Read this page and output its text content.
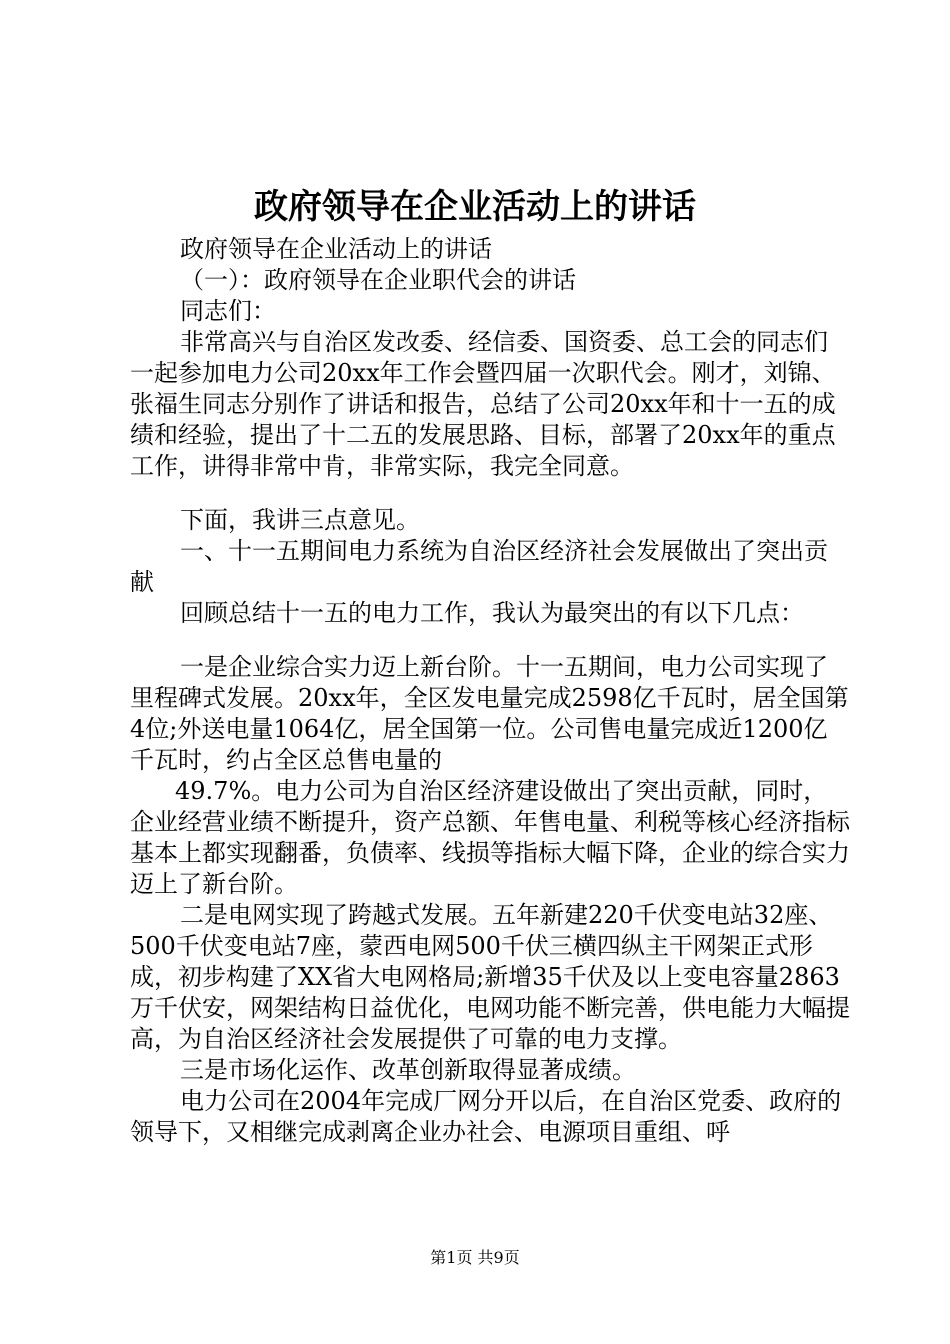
政府领导在企业活动上的讲话

政府领导在企业活动上的讲话

（一）：政府领导在企业职代会的讲话

同志们：

非常高兴与自治区发改委、经信委、国资委、总工会的同志们一起参加电力公司20xx年工作会暨四届一次职代会。刚才，刘锦、张福生同志分别作了讲话和报告，总结了公司20xx年和十一五的成绩和经验，提出了十二五的发展思路、目标，部署了20xx年的重点工作，讲得非常中肯，非常实际，我完全同意。

下面，我讲三点意见。

一、十一五期间电力系统为自治区经济社会发展做出了突出贡献

回顾总结十一五的电力工作，我认为最突出的有以下几点：

一是企业综合实力迈上新台阶。十一五期间，电力公司实现了里程碑式发展。20xx年，全区发电量完成2598亿千瓦时，居全国第4位;外送电量1064亿，居全国第一位。公司售电量完成近1200亿千瓦时，约占全区总售电量的

49.7%。电力公司为自治区经济建设做出了突出贡献，同时，企业经营业绩不断提升，资产总额、年售电量、利税等核心经济指标基本上都实现翻番，负债率、线损等指标大幅下降，企业的综合实力迈上了新台阶。

二是电网实现了跨越式发展。五年新建220千伏变电站32座、500千伏变电站7座，蒙西电网500千伏三横四纵主干网架正式形成，初步构建了XX省大电网格局;新增35千伏及以上变电容量2863万千伏安，网架结构日益优化，电网功能不断完善，供电能力大幅提高，为自治区经济社会发展提供了可靠的电力支撑。

三是市场化运作、改革创新取得显著成绩。

电力公司在2004年完成厂网分开以后，在自治区党委、政府的领导下，又相继完成剥离企业办社会、电源项目重组、呼

第1页 共9页
